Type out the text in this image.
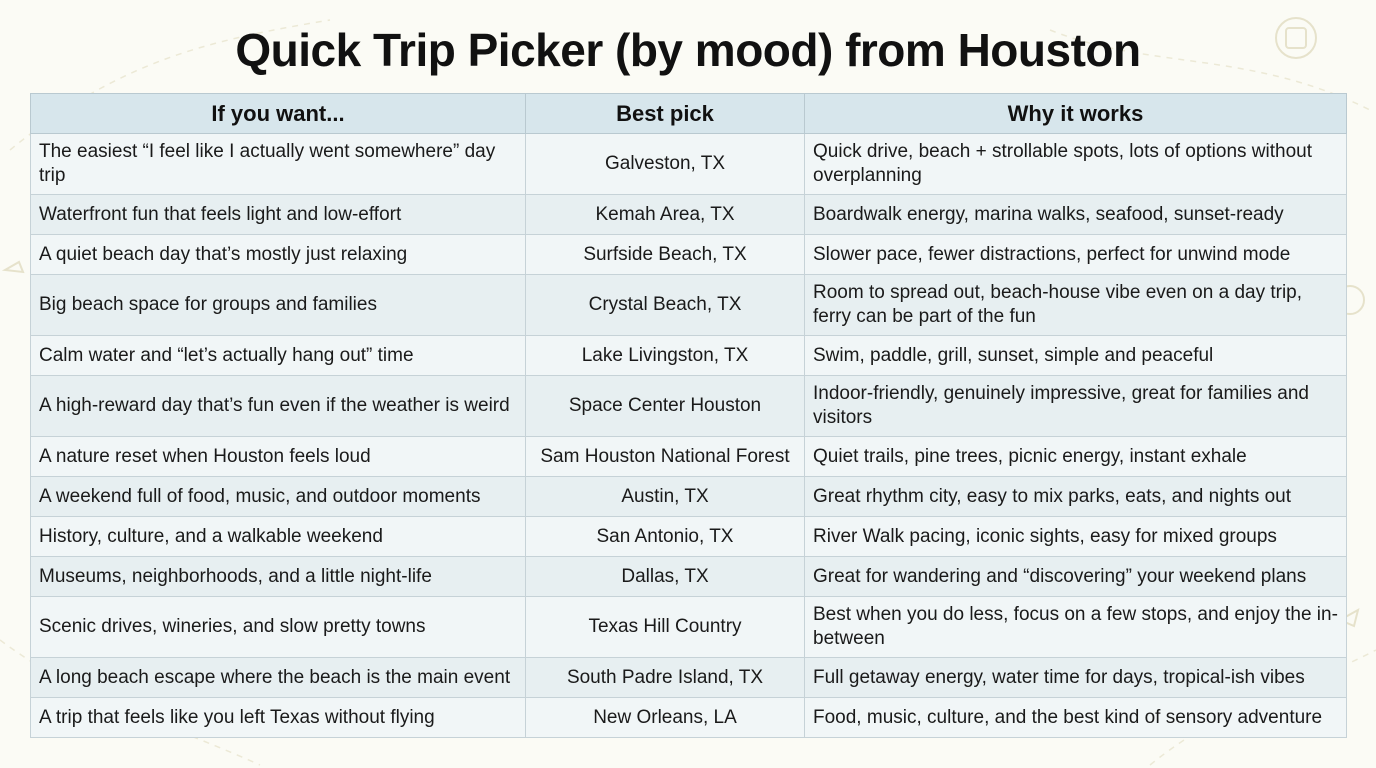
Quick Trip Picker (by mood) from Houston
If you want...	Best pick	Why it works
The easiest “I feel like I actually went somewhere” day trip	Galveston, TX	Quick drive, beach + strollable spots, lots of options without overplanning
Waterfront fun that feels light and low-effort	Kemah Area, TX	Boardwalk energy, marina walks, seafood, sunset-ready
A quiet beach day that’s mostly just relaxing	Surfside Beach, TX	Slower pace, fewer distractions, perfect for unwind mode
Big beach space for groups and families	Crystal Beach, TX	Room to spread out, beach-house vibe even on a day trip, ferry can be part of the fun
Calm water and “let’s actually hang out” time	Lake Livingston, TX	Swim, paddle, grill, sunset, simple and peaceful
A high-reward day that’s fun even if the weather is weird	Space Center Houston	Indoor-friendly, genuinely impressive, great for families and visitors
A nature reset when Houston feels loud	Sam Houston National Forest	Quiet trails, pine trees, picnic energy, instant exhale
A weekend full of food, music, and outdoor moments	Austin, TX	Great rhythm city, easy to mix parks, eats, and nights out
History, culture, and a walkable weekend	San Antonio, TX	River Walk pacing, iconic sights, easy for mixed groups
Museums, neighborhoods, and a little night-life	Dallas, TX	Great for wandering and “discovering” your weekend plans
Scenic drives, wineries, and slow pretty towns	Texas Hill Country	Best when you do less, focus on a few stops, and enjoy the in-between
A long beach escape where the beach is the main event	South Padre Island, TX	Full getaway energy, water time for days, tropical-ish vibes
A trip that feels like you left Texas without flying	New Orleans, LA	Food, music, culture, and the best kind of sensory adventure
